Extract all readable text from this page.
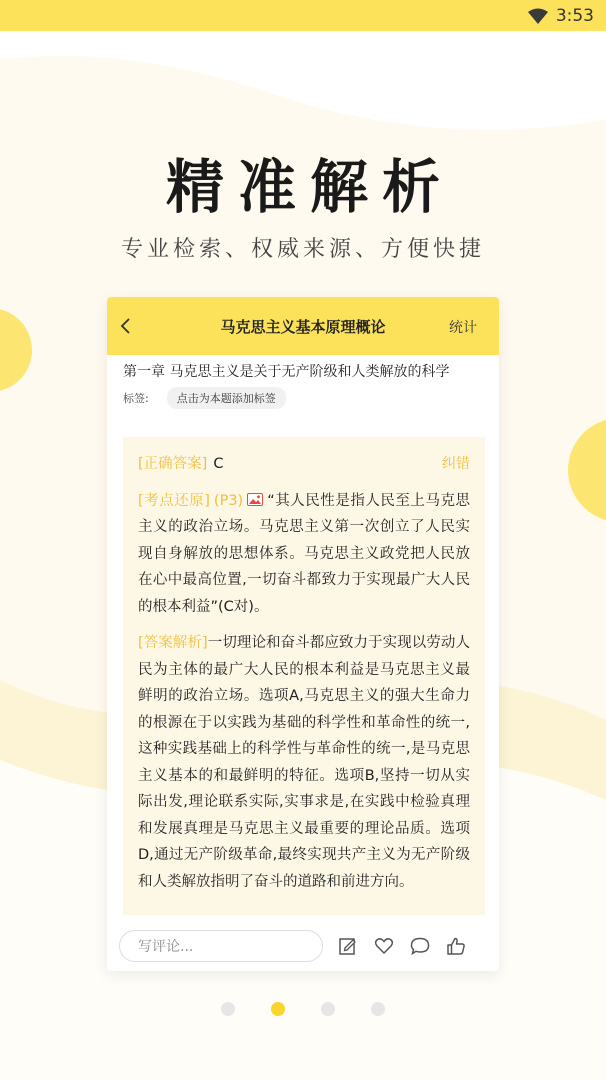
3:53
精准解析
专业检索、权威来源、方便快捷
马克思主义基本原理概论	统计
第一章 马克思主义是关于无产阶级和人类解放的科学
标签:	点击为本题添加标签
[正确答案] C	纠错
[考点还原] (P3) “其人民性是指人民至上马克思主义的政治立场。马克思主义第一次创立了人民实现自身解放的思想体系。马克思主义政党把人民放在心中最高位置,一切奋斗都致力于实现最广大人民的根本利益”(C对)。
[答案解析]一切理论和奋斗都应致力于实现以劳动人民为主体的最广大人民的根本利益是马克思主义最鲜明的政治立场。选项A,马克思主义的强大生命力的根源在于以实践为基础的科学性和革命性的统一,这种实践基础上的科学性与革命性的统一,是马克思主义基本的和最鲜明的特征。选项B,坚持一切从实际出发,理论联系实际,实事求是,在实践中检验真理和发展真理是马克思主义最重要的理论品质。选项D,通过无产阶级革命,最终实现共产主义为无产阶级和人类解放指明了奋斗的道路和前进方向。
写评论...
